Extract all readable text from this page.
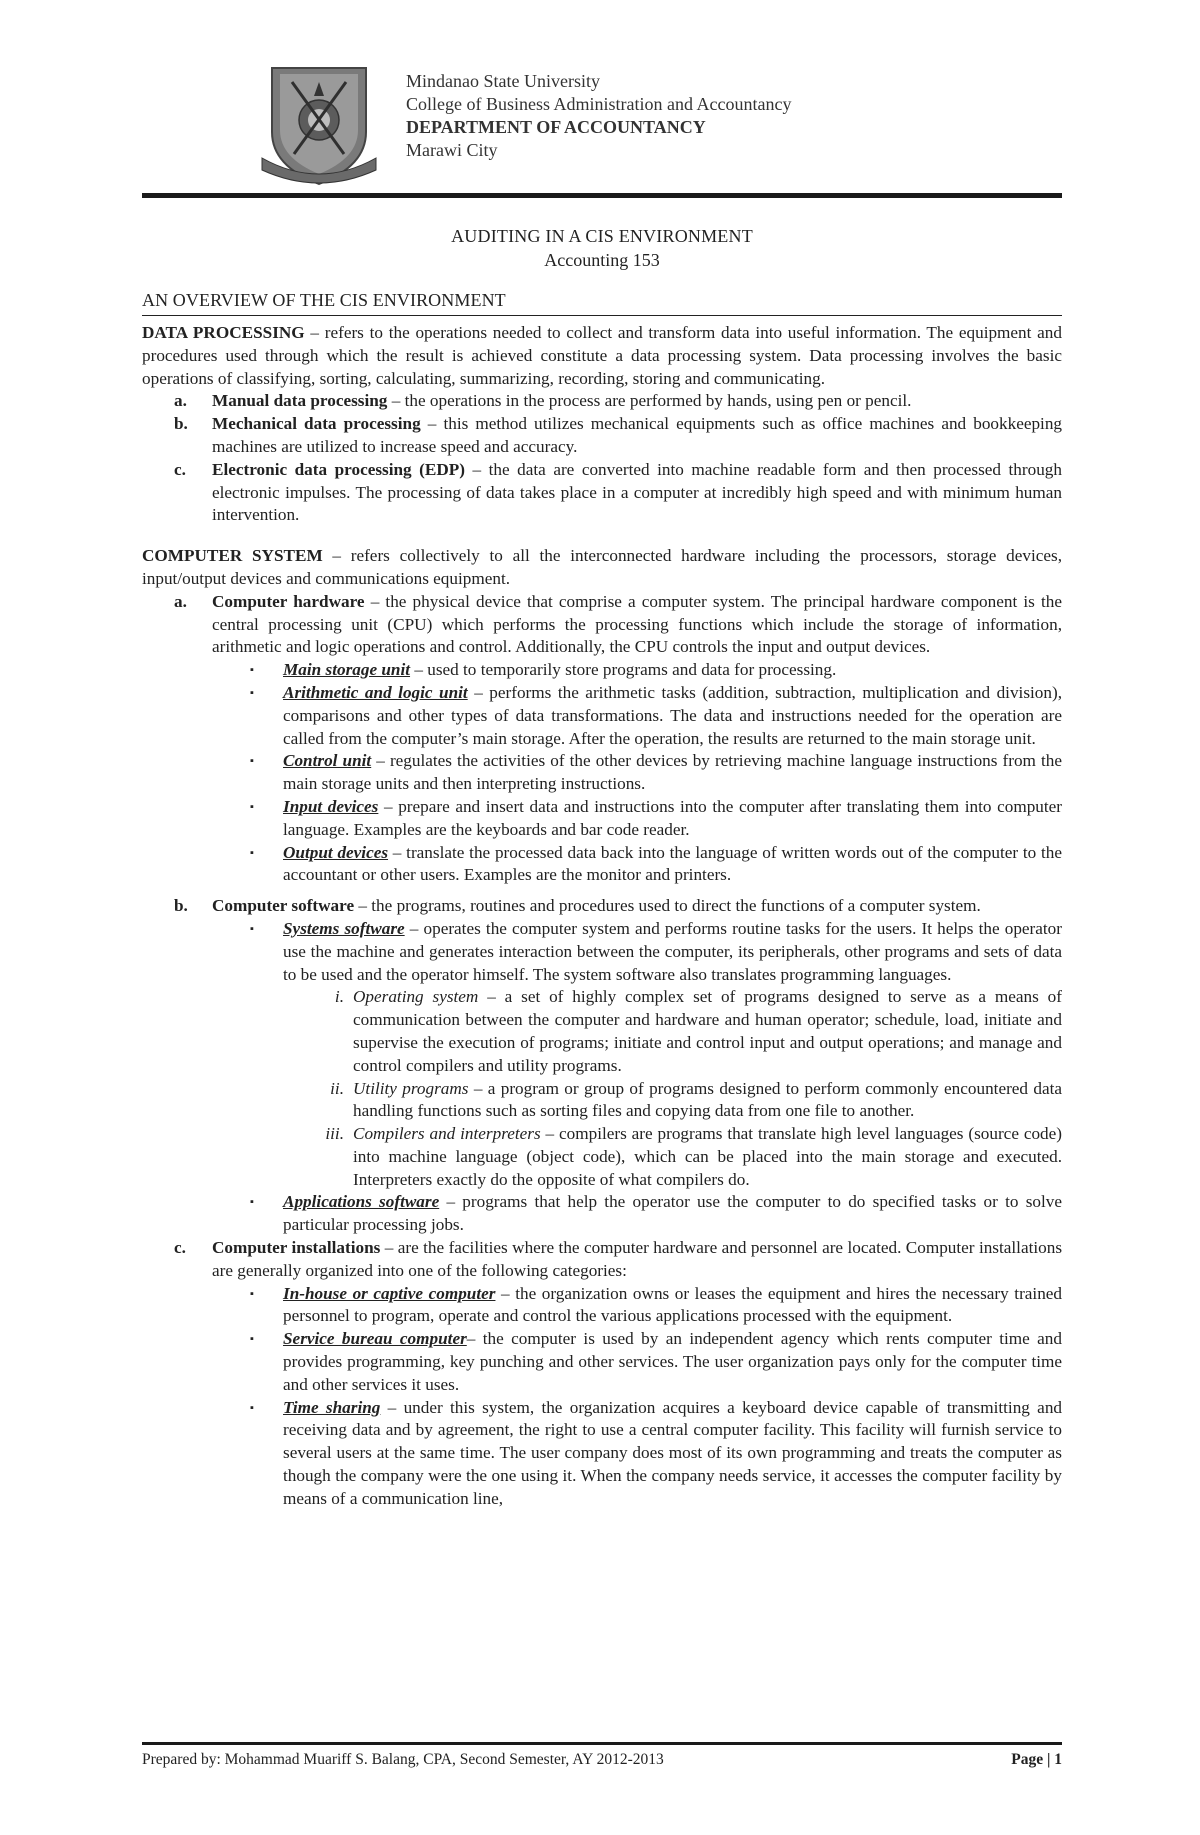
Mindanao State University
College of Business Administration and Accountancy
DEPARTMENT OF ACCOUNTANCY
Marawi City
AUDITING IN A CIS ENVIRONMENT
Accounting 153
AN OVERVIEW OF THE CIS ENVIRONMENT

DATA PROCESSING – refers to the operations needed to collect and transform data into useful information. The equipment and procedures used through which the result is achieved constitute a data processing system. Data processing involves the basic operations of classifying, sorting, calculating, summarizing, recording, storing and communicating.

a. Manual data processing – the operations in the process are performed by hands, using pen or pencil.

b. Mechanical data processing – this method utilizes mechanical equipments such as office machines and bookkeeping machines are utilized to increase speed and accuracy.

c. Electronic data processing (EDP) – the data are converted into machine readable form and then processed through electronic impulses. The processing of data takes place in a computer at incredibly high speed and with minimum human intervention.

COMPUTER SYSTEM – refers collectively to all the interconnected hardware including the processors, storage devices, input/output devices and communications equipment.

a. Computer hardware – the physical device that comprise a computer system. The principal hardware component is the central processing unit (CPU) which performs the processing functions which include the storage of information, arithmetic and logic operations and control. Additionally, the CPU controls the input and output devices.

▪ Main storage unit – used to temporarily store programs and data for processing.

▪ Arithmetic and logic unit – performs the arithmetic tasks (addition, subtraction, multiplication and division), comparisons and other types of data transformations. The data and instructions needed for the operation are called from the computer’s main storage. After the operation, the results are returned to the main storage unit.

▪ Control unit – regulates the activities of the other devices by retrieving machine language instructions from the main storage units and then interpreting instructions.

▪ Input devices – prepare and insert data and instructions into the computer after translating them into computer language. Examples are the keyboards and bar code reader.

▪ Output devices – translate the processed data back into the language of written words out of the computer to the accountant or other users. Examples are the monitor and printers.

b. Computer software – the programs, routines and procedures used to direct the functions of a computer system.

▪ Systems software – operates the computer system and performs routine tasks for the users. It helps the operator use the machine and generates interaction between the computer, its peripherals, other programs and sets of data to be used and the operator himself. The system software also translates programming languages.

i. Operating system – a set of highly complex set of programs designed to serve as a means of communication between the computer and hardware and human operator; schedule, load, initiate and supervise the execution of programs; initiate and control input and output operations; and manage and control compilers and utility programs.

ii. Utility programs – a program or group of programs designed to perform commonly encountered data handling functions such as sorting files and copying data from one file to another.

iii. Compilers and interpreters – compilers are programs that translate high level languages (source code) into machine language (object code), which can be placed into the main storage and executed. Interpreters exactly do the opposite of what compilers do.

▪ Applications software – programs that help the operator use the computer to do specified tasks or to solve particular processing jobs.

c. Computer installations – are the facilities where the computer hardware and personnel are located. Computer installations are generally organized into one of the following categories:

▪ In-house or captive computer – the organization owns or leases the equipment and hires the necessary trained personnel to program, operate and control the various applications processed with the equipment.

▪ Service bureau computer– the computer is used by an independent agency which rents computer time and provides programming, key punching and other services. The user organization pays only for the computer time and other services it uses.

▪ Time sharing – under this system, the organization acquires a keyboard device capable of transmitting and receiving data and by agreement, the right to use a central computer facility. This facility will furnish service to several users at the same time. The user company does most of its own programming and treats the computer as though the company were the one using it. When the company needs service, it accesses the computer facility by means of a communication line,

Prepared by: Mohammad Muariff S. Balang, CPA, Second Semester, AY 2012-2013	Page | 1
